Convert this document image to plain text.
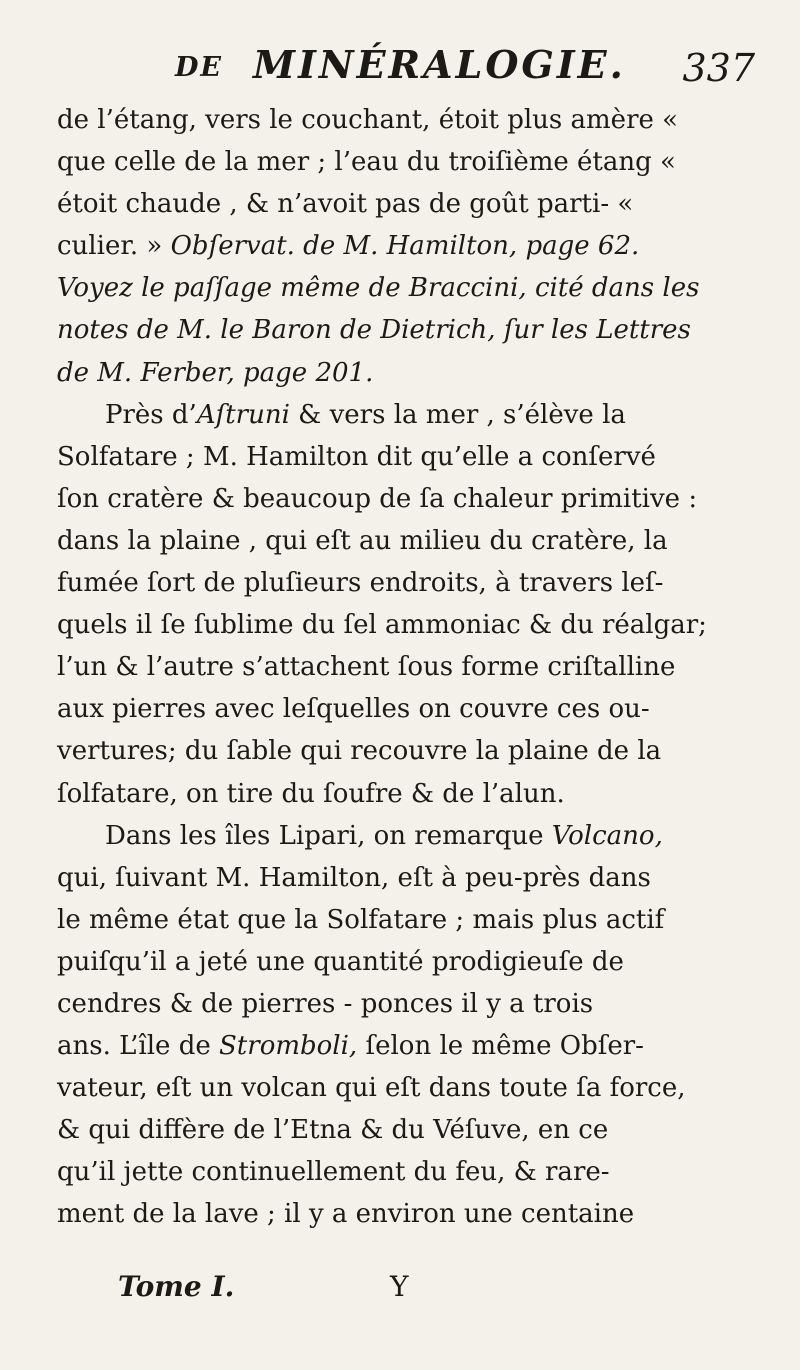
DE MINÉRALOGIE. 337
de l’étang, vers le couchant, étoit plus amère «
que celle de la mer ; l’eau du troiſième étang «
étoit chaude , & n’avoit pas de goût parti- «
culier. » Obſervat. de M. Hamilton, page 62.
Voyez le paſſage même de Braccini, cité dans les
notes de M. le Baron de Dietrich, ſur les Lettres
de M. Ferber, page 201.
Près d’Aſtruni & vers la mer , s’élève la
Solfatare ; M. Hamilton dit qu’elle a conſervé
ſon cratère & beaucoup de ſa chaleur primitive :
dans la plaine , qui eſt au milieu du cratère, la
fumée ſort de pluſieurs endroits, à travers leſ-
quels il ſe ſublime du ſel ammoniac & du réalgar;
l’un & l’autre s’attachent ſous forme criſtalline
aux pierres avec leſquelles on couvre ces ou-
vertures; du ſable qui recouvre la plaine de la
ſolfatare, on tire du ſoufre & de l’alun.
Dans les îles Lipari, on remarque Volcano,
qui, ſuivant M. Hamilton, eſt à peu-près dans
le même état que la Solfatare ; mais plus actif
puiſqu’il a jeté une quantité prodigieuſe de
cendres & de pierres - ponces il y a trois
ans. L’île de Stromboli, ſelon le même Obſer-
vateur, eſt un volcan qui eſt dans toute ſa force,
& qui diffère de l’Etna & du Véſuve, en ce
qu’il jette continuellement du feu, & rare-
ment de la lave ; il y a environ une centaine
Tome I.	Y
